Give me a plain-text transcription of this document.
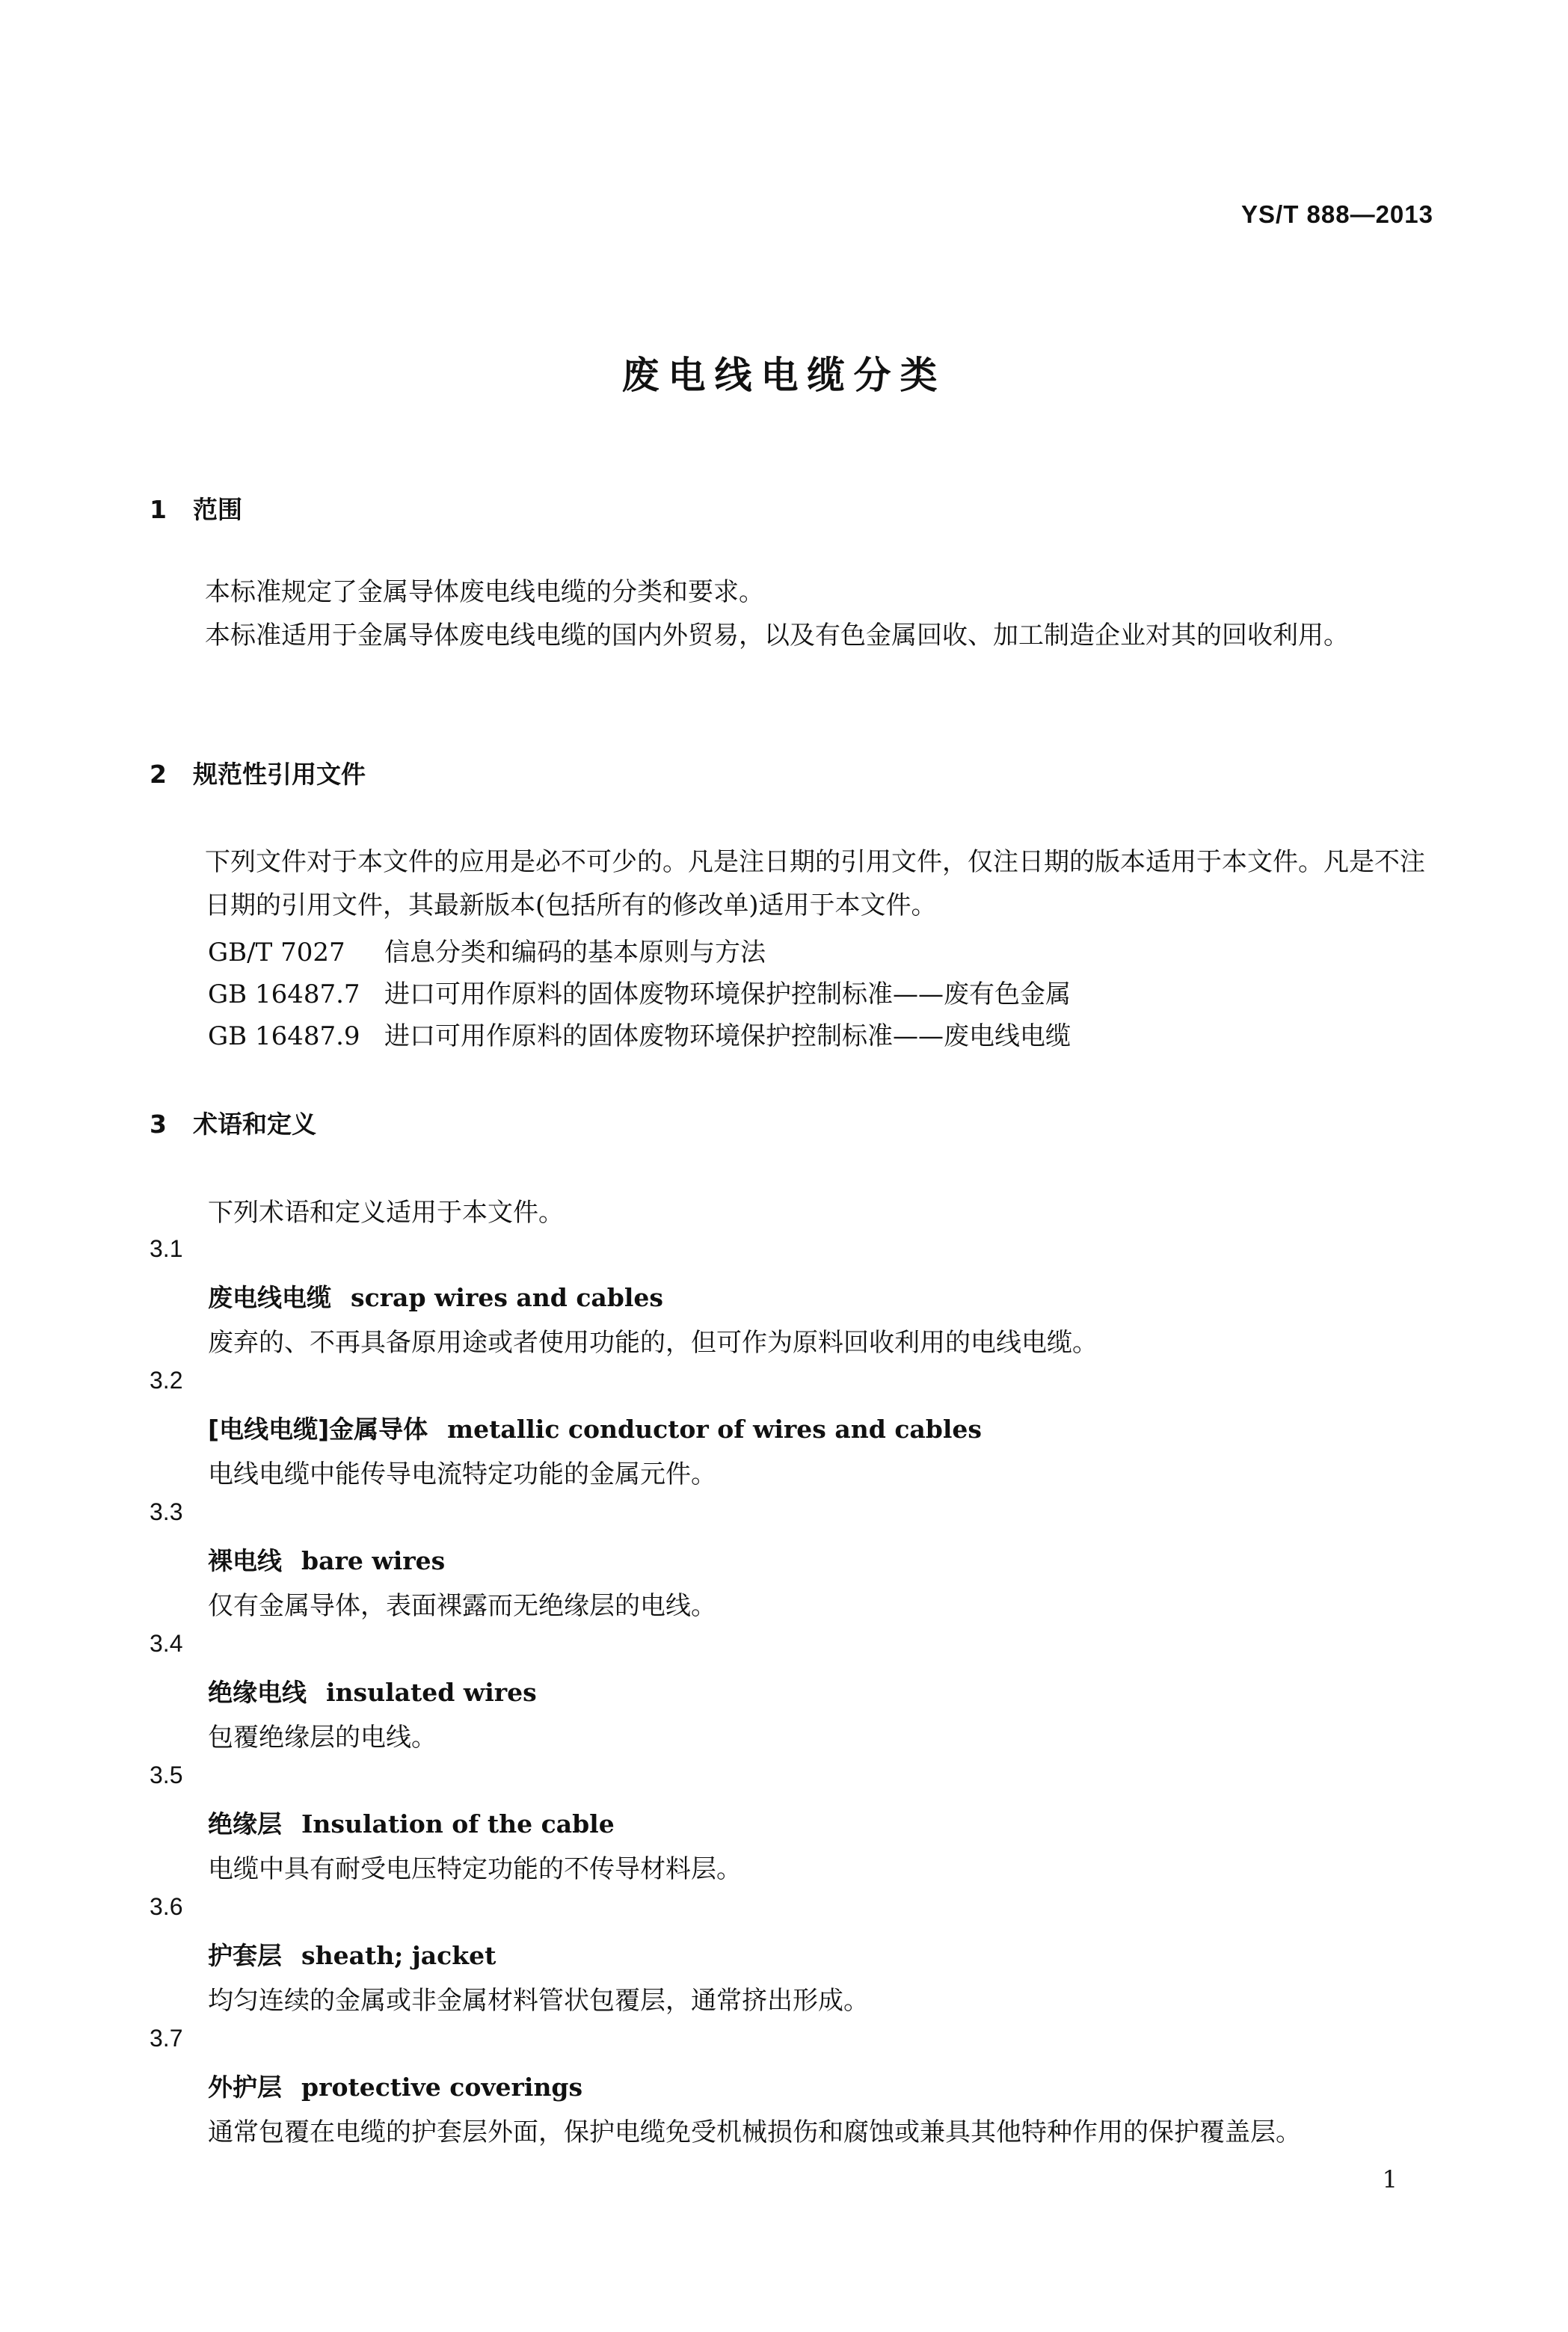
YS/T 888—2013
废电线电缆分类
1 范围

本标准规定了金属导体废电线电缆的分类和要求。

本标准适用于金属导体废电线电缆的国内外贸易，以及有色金属回收、加工制造企业对其的回收利用。

2 规范性引用文件

下列文件对于本文件的应用是必不可少的。凡是注日期的引用文件，仅注日期的版本适用于本文件。凡是不注日期的引用文件，其最新版本(包括所有的修改单)适用于本文件。

GB/T 7027 信息分类和编码的基本原则与方法
GB 16487.7 进口可用作原料的固体废物环境保护控制标准——废有色金属
GB 16487.9 进口可用作原料的固体废物环境保护控制标准——废电线电缆
3 术语和定义
下列术语和定义适用于本文件。
3.1
废电线电缆 scrap wires and cables
废弃的、不再具备原用途或者使用功能的，但可作为原料回收利用的电线电缆。
3.2
[电线电缆]金属导体 metallic conductor of wires and cables
电线电缆中能传导电流特定功能的金属元件。
3.3
裸电线 bare wires
仅有金属导体，表面裸露而无绝缘层的电线。
3.4
绝缘电线 insulated wires
包覆绝缘层的电线。
3.5
绝缘层 Insulation of the cable
电缆中具有耐受电压特定功能的不传导材料层。
3.6
护套层 sheath; jacket
均匀连续的金属或非金属材料管状包覆层，通常挤出形成。
3.7
外护层 protective coverings
通常包覆在电缆的护套层外面，保护电缆免受机械损伤和腐蚀或兼具其他特种作用的保护覆盖层。
1
